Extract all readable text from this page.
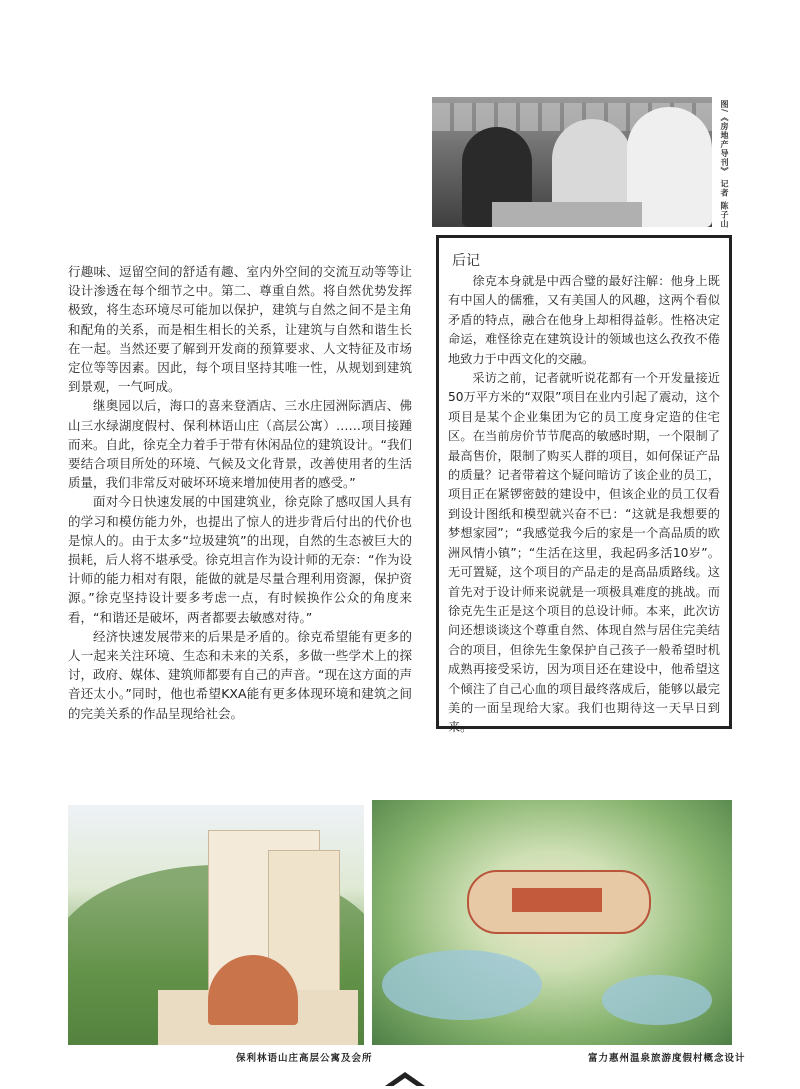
图/《房地产导刊》 记者 陈子山

行趣味、逗留空间的舒适有趣、室内外空间的交流互动等等让设计渗透在每个细节之中。第二、尊重自然。将自然优势发挥极致，将生态环境尽可能加以保护，建筑与自然之间不是主角和配角的关系，而是相生相长的关系，让建筑与自然和谐生长在一起。当然还要了解到开发商的预算要求、人文特征及市场定位等等因素。因此，每个项目坚持其唯一性，从规划到建筑到景观，一气呵成。

继奥园以后，海口的喜来登酒店、三水庄园洲际酒店、佛山三水绿湖度假村、保利林语山庄（高层公寓）……项目接踵而来。自此，徐克全力着手于带有休闲品位的建筑设计。“我们要结合项目所处的环境、气候及文化背景，改善使用者的生活质量，我们非常反对破坏环境来增加使用者的感受。”

面对今日快速发展的中国建筑业，徐克除了感叹国人具有的学习和模仿能力外，也提出了惊人的进步背后付出的代价也是惊人的。由于太多“垃圾建筑”的出现，自然的生态被巨大的损耗，后人将不堪承受。徐克坦言作为设计师的无奈：“作为设计师的能力相对有限，能做的就是尽量合理利用资源，保护资源。”徐克坚持设计要多考虑一点，有时候换作公众的角度来看，“和谐还是破坏，两者都要去敏感对待。”

经济快速发展带来的后果是矛盾的。徐克希望能有更多的人一起来关注环境、生态和未来的关系，多做一些学术上的探讨，政府、媒体、建筑师都要有自己的声音。“现在这方面的声音还太小。”同时，他也希望KXA能有更多体现环境和建筑之间的完美关系的作品呈现给社会。

后记

徐克本身就是中西合璧的最好注解：他身上既有中国人的儒雅，又有美国人的风趣，这两个看似矛盾的特点，融合在他身上却相得益彰。性格决定命运，难怪徐克在建筑设计的领域也这么孜孜不倦地致力于中西文化的交融。

采访之前，记者就听说花都有一个开发量接近50万平方米的“双限”项目在业内引起了震动，这个项目是某个企业集团为它的员工度身定造的住宅区。在当前房价节节爬高的敏感时期，一个限制了最高售价，限制了购买人群的项目，如何保证产品的质量？记者带着这个疑问暗访了该企业的员工，项目正在紧锣密鼓的建设中，但该企业的员工仅看到设计图纸和模型就兴奋不已：“这就是我想要的梦想家园”；“我感觉我今后的家是一个高品质的欧洲风情小镇”；“生活在这里，我起码多活10岁”。无可置疑，这个项目的产品走的是高品质路线。这首先对于设计师来说就是一项极具难度的挑战。而徐克先生正是这个项目的总设计师。本来，此次访问还想谈谈这个尊重自然、体现自然与居住完美结合的项目，但徐先生象保护自己孩子一般希望时机成熟再接受采访，因为项目还在建设中，他希望这个倾注了自己心血的项目最终落成后，能够以最完美的一面呈现给大家。我们也期待这一天早日到来。

保利林语山庄高层公寓及会所	富力惠州温泉旅游度假村概念设计
